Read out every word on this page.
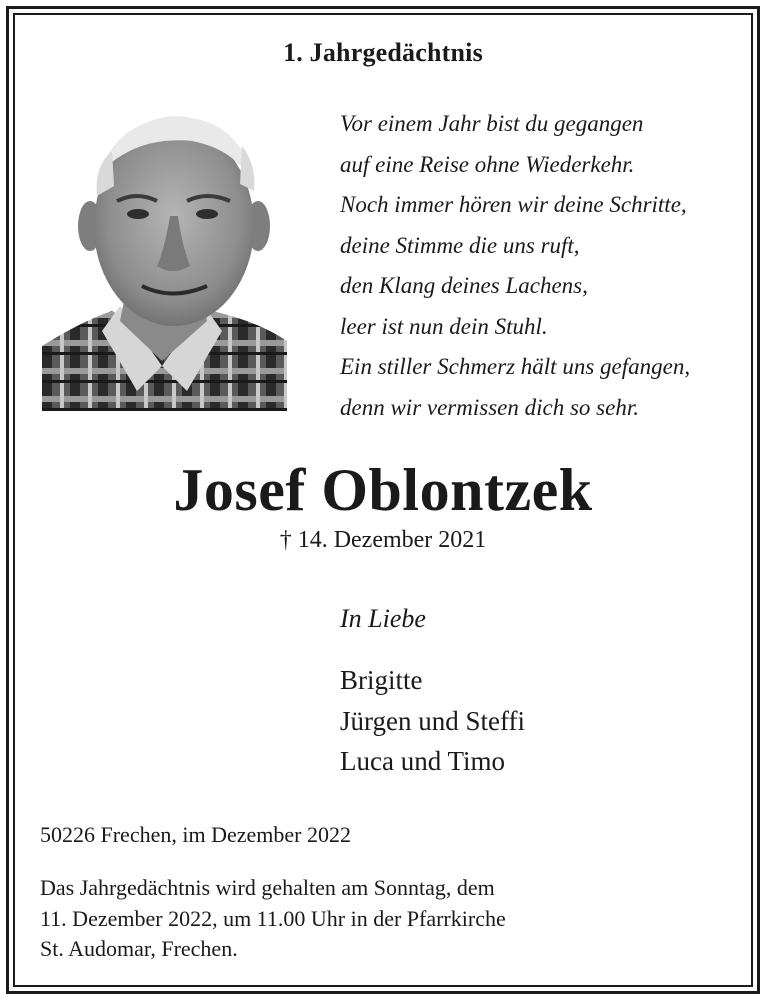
1. Jahrgedächtnis
Vor einem Jahr bist du gegangen
auf eine Reise ohne Wiederkehr.
Noch immer hören wir deine Schritte,
deine Stimme die uns ruft,
den Klang deines Lachens,
leer ist nun dein Stuhl.
Ein stiller Schmerz hält uns gefangen,
denn wir vermissen dich so sehr.
Josef Oblontzek
† 14. Dezember 2021
In Liebe
Brigitte
Jürgen und Steffi
Luca und Timo
50226 Frechen, im Dezember 2022
Das Jahrgedächtnis wird gehalten am Sonntag, dem
11. Dezember 2022, um 11.00 Uhr in der Pfarrkirche
St. Audomar, Frechen.
